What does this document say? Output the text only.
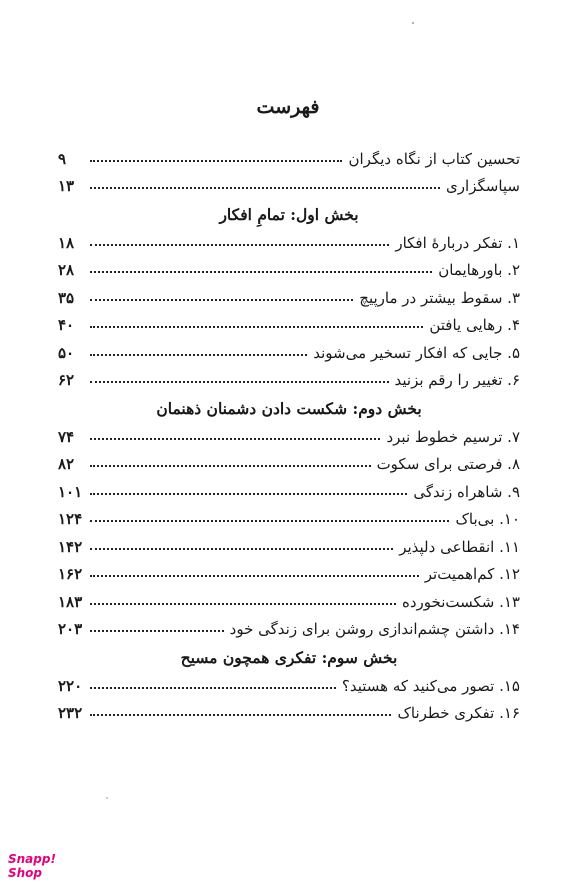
فهرست
تحسین کتاب از نگاه دیگران
۹
سپاسگزاری
۱۳
بخش اول: تمامِ افکار
۱. تفکر دربارهٔ افکار
۱۸
۲. باورهایمان
۲۸
۳. سقوط بیشتر در مارپیچ
۳۵
۴. رهایی یافتن
۴۰
۵. جایی که افکار تسخیر می‌شوند
۵۰
۶. تغییر را رقم بزنید
۶۲
بخش دوم: شکست دادن دشمنان ذهنمان
۷. ترسیم خطوط نبرد
۷۴
۸. فرصتی برای سکوت
۸۲
۹. شاهراه زندگی
۱۰۱
۱۰. بی‌باک
۱۲۴
۱۱. انقطاعی دلپذیر
۱۴۲
۱۲. کم‌اهمیت‌تر
۱۶۲
۱۳. شکست‌نخورده
۱۸۳
۱۴. داشتن چشم‌اندازی روشن برای زندگی خود
۲۰۳
بخش سوم: تفکری همچون مسیح
۱۵. تصور می‌کنید که هستید؟
۲۲۰
۱۶. تفکری خطرناک
۲۳۲
Snapp!
Shop
